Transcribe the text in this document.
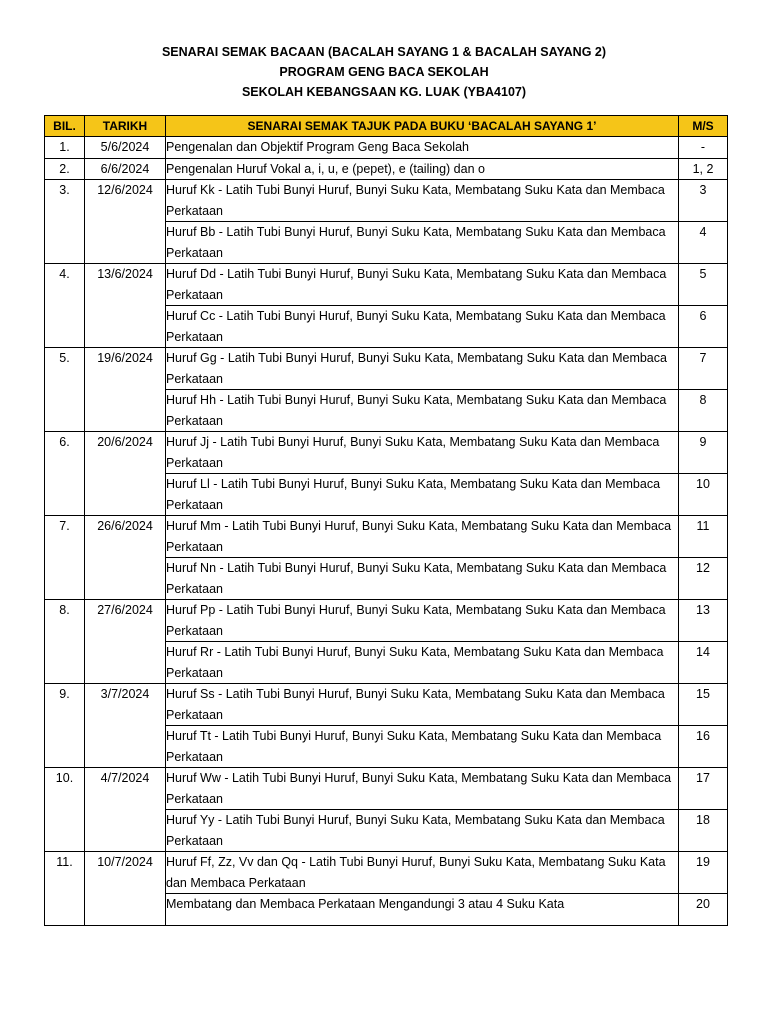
SENARAI SEMAK BACAAN (BACALAH SAYANG 1 & BACALAH SAYANG 2)
PROGRAM GENG BACA SEKOLAH
SEKOLAH KEBANGSAAN KG. LUAK (YBA4107)
BIL.	TARIKH	SENARAI SEMAK TAJUK PADA BUKU ‘BACALAH SAYANG 1’	M/S
1.	5/6/2024	Pengenalan dan Objektif Program Geng Baca Sekolah	-
2.	6/6/2024	Pengenalan Huruf Vokal a, i, u, e (pepet), e (tailing) dan o	1, 2
3.	12/6/2024	Huruf Kk - Latih Tubi Bunyi Huruf, Bunyi Suku Kata, Membatang Suku Kata dan Membaca Perkataan	3
		Huruf Bb - Latih Tubi Bunyi Huruf, Bunyi Suku Kata, Membatang Suku Kata dan Membaca Perkataan	4
4.	13/6/2024	Huruf Dd - Latih Tubi Bunyi Huruf, Bunyi Suku Kata, Membatang Suku Kata dan Membaca Perkataan	5
		Huruf Cc - Latih Tubi Bunyi Huruf, Bunyi Suku Kata, Membatang Suku Kata dan Membaca Perkataan	6
5.	19/6/2024	Huruf Gg - Latih Tubi Bunyi Huruf, Bunyi Suku Kata, Membatang Suku Kata dan Membaca Perkataan	7
		Huruf Hh - Latih Tubi Bunyi Huruf, Bunyi Suku Kata, Membatang Suku Kata dan Membaca Perkataan	8
6.	20/6/2024	Huruf Jj - Latih Tubi Bunyi Huruf, Bunyi Suku Kata, Membatang Suku Kata dan Membaca Perkataan	9
		Huruf Ll - Latih Tubi Bunyi Huruf, Bunyi Suku Kata, Membatang Suku Kata dan Membaca Perkataan	10
7.	26/6/2024	Huruf Mm - Latih Tubi Bunyi Huruf, Bunyi Suku Kata, Membatang Suku Kata dan Membaca Perkataan	11
		Huruf Nn - Latih Tubi Bunyi Huruf, Bunyi Suku Kata, Membatang Suku Kata dan Membaca Perkataan	12
8.	27/6/2024	Huruf Pp - Latih Tubi Bunyi Huruf, Bunyi Suku Kata, Membatang Suku Kata dan Membaca Perkataan	13
		Huruf Rr - Latih Tubi Bunyi Huruf, Bunyi Suku Kata, Membatang Suku Kata dan Membaca Perkataan	14
9.	3/7/2024	Huruf Ss - Latih Tubi Bunyi Huruf, Bunyi Suku Kata, Membatang Suku Kata dan Membaca Perkataan	15
		Huruf Tt - Latih Tubi Bunyi Huruf, Bunyi Suku Kata, Membatang Suku Kata dan Membaca Perkataan	16
10.	4/7/2024	Huruf Ww - Latih Tubi Bunyi Huruf, Bunyi Suku Kata, Membatang Suku Kata dan Membaca Perkataan	17
		Huruf Yy - Latih Tubi Bunyi Huruf, Bunyi Suku Kata, Membatang Suku Kata dan Membaca Perkataan	18
11.	10/7/2024	Huruf Ff, Zz, Vv dan Qq - Latih Tubi Bunyi Huruf, Bunyi Suku Kata, Membatang Suku Kata dan Membaca Perkataan	19
		Membatang dan Membaca Perkataan Mengandungi 3 atau 4 Suku Kata	20
